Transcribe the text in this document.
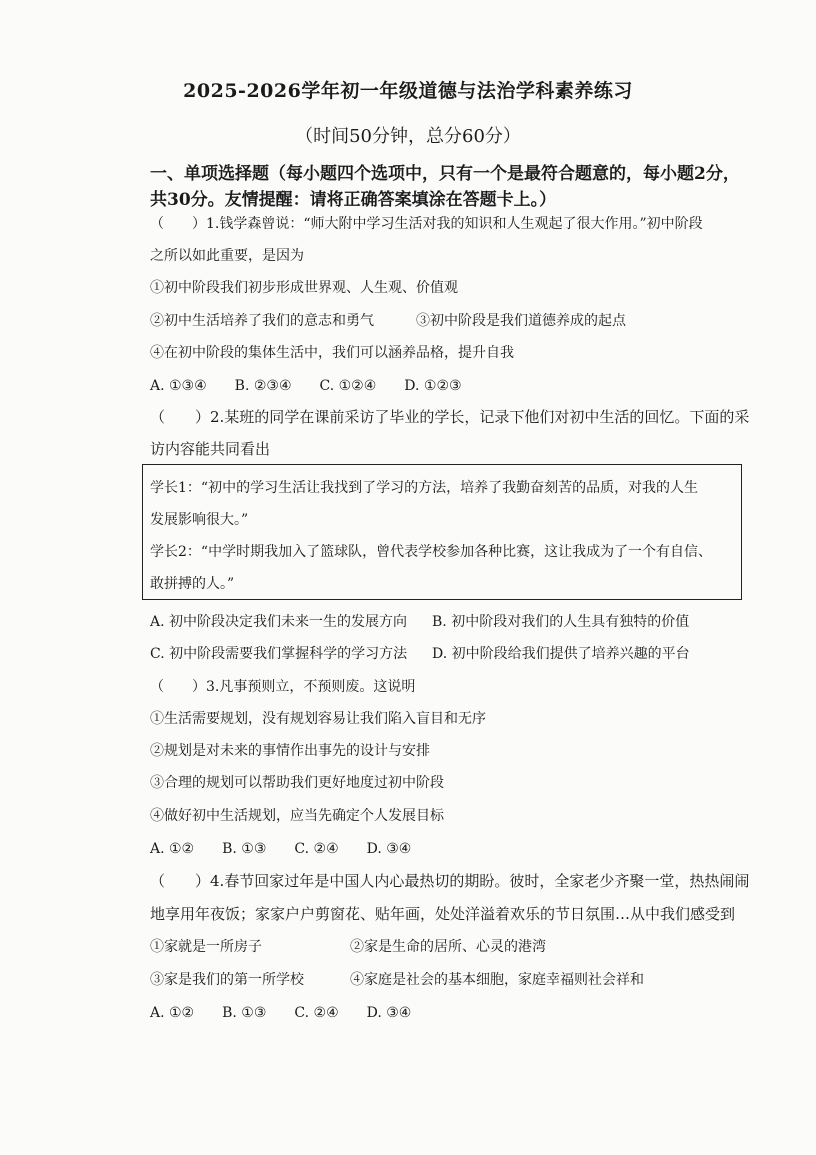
2025-2026学年初一年级道德与法治学科素养练习
（时间50分钟，总分60分）
一、单项选择题（每小题四个选项中，只有一个是最符合题意的，每小题2分，
共30分。友情提醒：请将正确答案填涂在答题卡上。）
（　　）1.钱学森曾说：“师大附中学习生活对我的知识和人生观起了很大作用。”初中阶段
之所以如此重要，是因为
①初中阶段我们初步形成世界观、人生观、价值观
②初中生活培养了我们的意志和勇气	③初中阶段是我们道德养成的起点
④在初中阶段的集体生活中，我们可以涵养品格，提升自我
A. ①③④　　B. ②③④　　C. ①②④　　D. ①②③
（　　）2.某班的同学在课前采访了毕业的学长，记录下他们对初中生活的回忆。下面的采
访内容能共同看出
学长1：“初中的学习生活让我找到了学习的方法，培养了我勤奋刻苦的品质，对我的人生
发展影响很大。”
学长2：“中学时期我加入了篮球队，曾代表学校参加各种比赛，这让我成为了一个有自信、
敢拼搏的人。”
A. 初中阶段决定我们未来一生的发展方向 B. 初中阶段对我们的人生具有独特的价值
C. 初中阶段需要我们掌握科学的学习方法 D. 初中阶段给我们提供了培养兴趣的平台
（　　）3.凡事预则立，不预则废。这说明
①生活需要规划，没有规划容易让我们陷入盲目和无序
②规划是对未来的事情作出事先的设计与安排
③合理的规划可以帮助我们更好地度过初中阶段
④做好初中生活规划，应当先确定个人发展目标
A. ①②　　B. ①③　　C. ②④　　D. ③④
（　　）4.春节回家过年是中国人内心最热切的期盼。彼时，全家老少齐聚一堂，热热闹闹
地享用年夜饭；家家户户剪窗花、贴年画，处处洋溢着欢乐的节日氛围…从中我们感受到
①家就是一所房子	②家是生命的居所、心灵的港湾
③家是我们的第一所学校	④家庭是社会的基本细胞，家庭幸福则社会祥和
A. ①②　　B. ①③　　C. ②④　　D. ③④
